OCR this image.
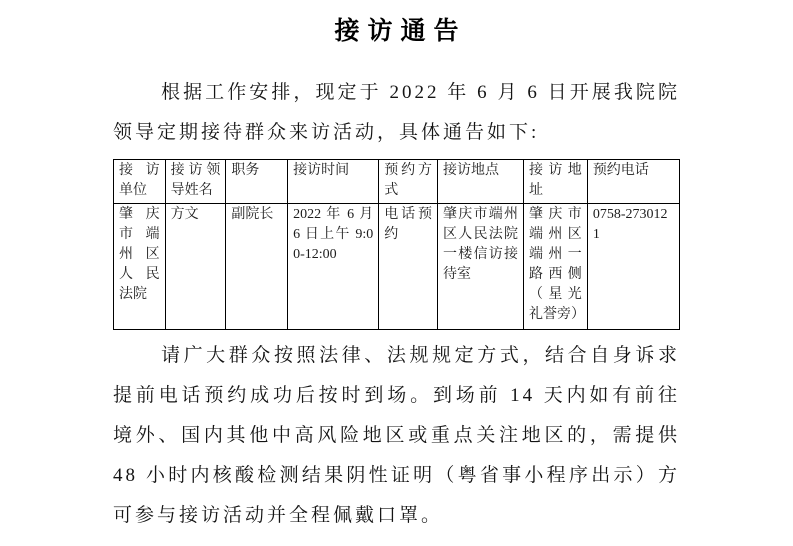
接访通告

根据工作安排，现定于 2022 年 6 月 6 日开展我院院领导定期接待群众来访活动，具体通告如下:

接访单位	接访领导姓名	职务	接访时间	预约方式	接访地点	接访地址	预约电话
肇庆市端州区人民法院	方文	副院长	2022 年 6 月 6 日上午 9:00-12:00	电话预约	肇庆市端州区人民法院一楼信访接待室	肇庆市端州区端州一路西侧（星光礼誉旁）	0758-2730121

请广大群众按照法律、法规规定方式，结合自身诉求提前电话预约成功后按时到场。到场前 14 天内如有前往境外、国内其他中高风险地区或重点关注地区的，需提供 48 小时内核酸检测结果阴性证明（粤省事小程序出示）方可参与接访活动并全程佩戴口罩。
